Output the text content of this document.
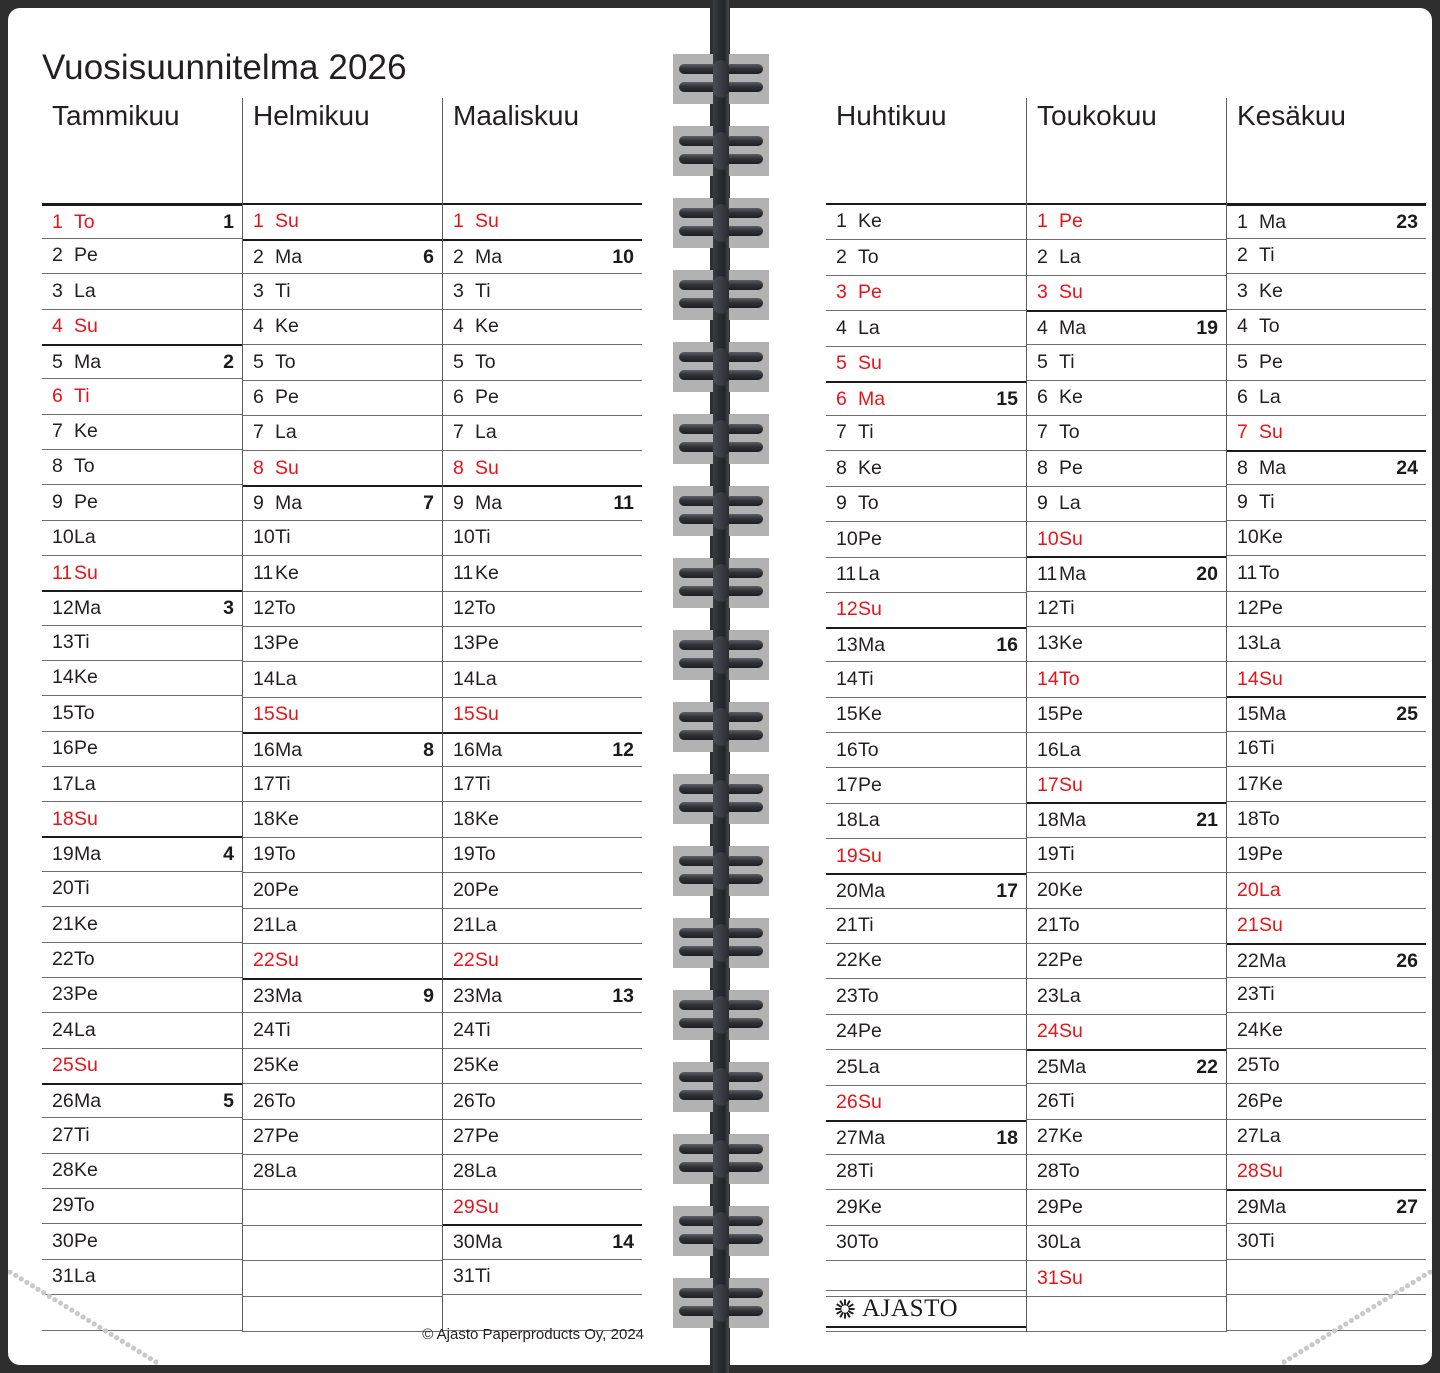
Vuosisuunnitelma 2026
Tammikuu
1 To	1
2 Pe
3 La
4 Su
5 Ma	2
6 Ti
7 Ke
8 To
9 Pe
10La
11Su
12Ma	3
13Ti
14Ke
15To
16Pe
17La
18Su
19Ma	4
20Ti
21Ke
22To
23Pe
24La
25Su
26Ma	5
27Ti
28Ke
29To
30Pe
31La
Helmikuu
1 Su
2 Ma	6
3 Ti
4 Ke
5 To
6 Pe
7 La
8 Su
9 Ma	7
10Ti
11Ke
12To
13Pe
14La
15Su
16Ma	8
17Ti
18Ke
19To
20Pe
21La
22Su
23Ma	9
24Ti
25Ke
26To
27Pe
28La
Maaliskuu
1 Su
2 Ma	10
3 Ti
4 Ke
5 To
6 Pe
7 La
8 Su
9 Ma	11
10Ti
11Ke
12To
13Pe
14La
15Su
16Ma	12
17Ti
18Ke
19To
20Pe
21La
22Su
23Ma	13
24Ti
25Ke
26To
27Pe
28La
29Su
30Ma	14
31Ti
© Ajasto Paperproducts Oy, 2024
Huhtikuu
1 Ke
2 To
3 Pe
4 La
5 Su
6 Ma	15
7 Ti
8 Ke
9 To
10Pe
11La
12Su
13Ma	16
14Ti
15Ke
16To
17Pe
18La
19Su
20Ma	17
21Ti
22Ke
23To
24Pe
25La
26Su
27Ma	18
28Ti
29Ke
30To
Toukokuu
1 Pe
2 La
3 Su
4 Ma	19
5 Ti
6 Ke
7 To
8 Pe
9 La
10Su
11Ma	20
12Ti
13Ke
14To
15Pe
16La
17Su
18Ma	21
19Ti
20Ke
21To
22Pe
23La
24Su
25Ma	22
26Ti
27Ke
28To
29Pe
30La
31Su
Kesäkuu
1 Ma	23
2 Ti
3 Ke
4 To
5 Pe
6 La
7 Su
8 Ma	24
9 Ti
10Ke
11To
12Pe
13La
14Su
15Ma	25
16Ti
17Ke
18To
19Pe
20La
21Su
22Ma	26
23Ti
24Ke
25To
26Pe
27La
28Su
29Ma	27
30Ti
AJASTO
